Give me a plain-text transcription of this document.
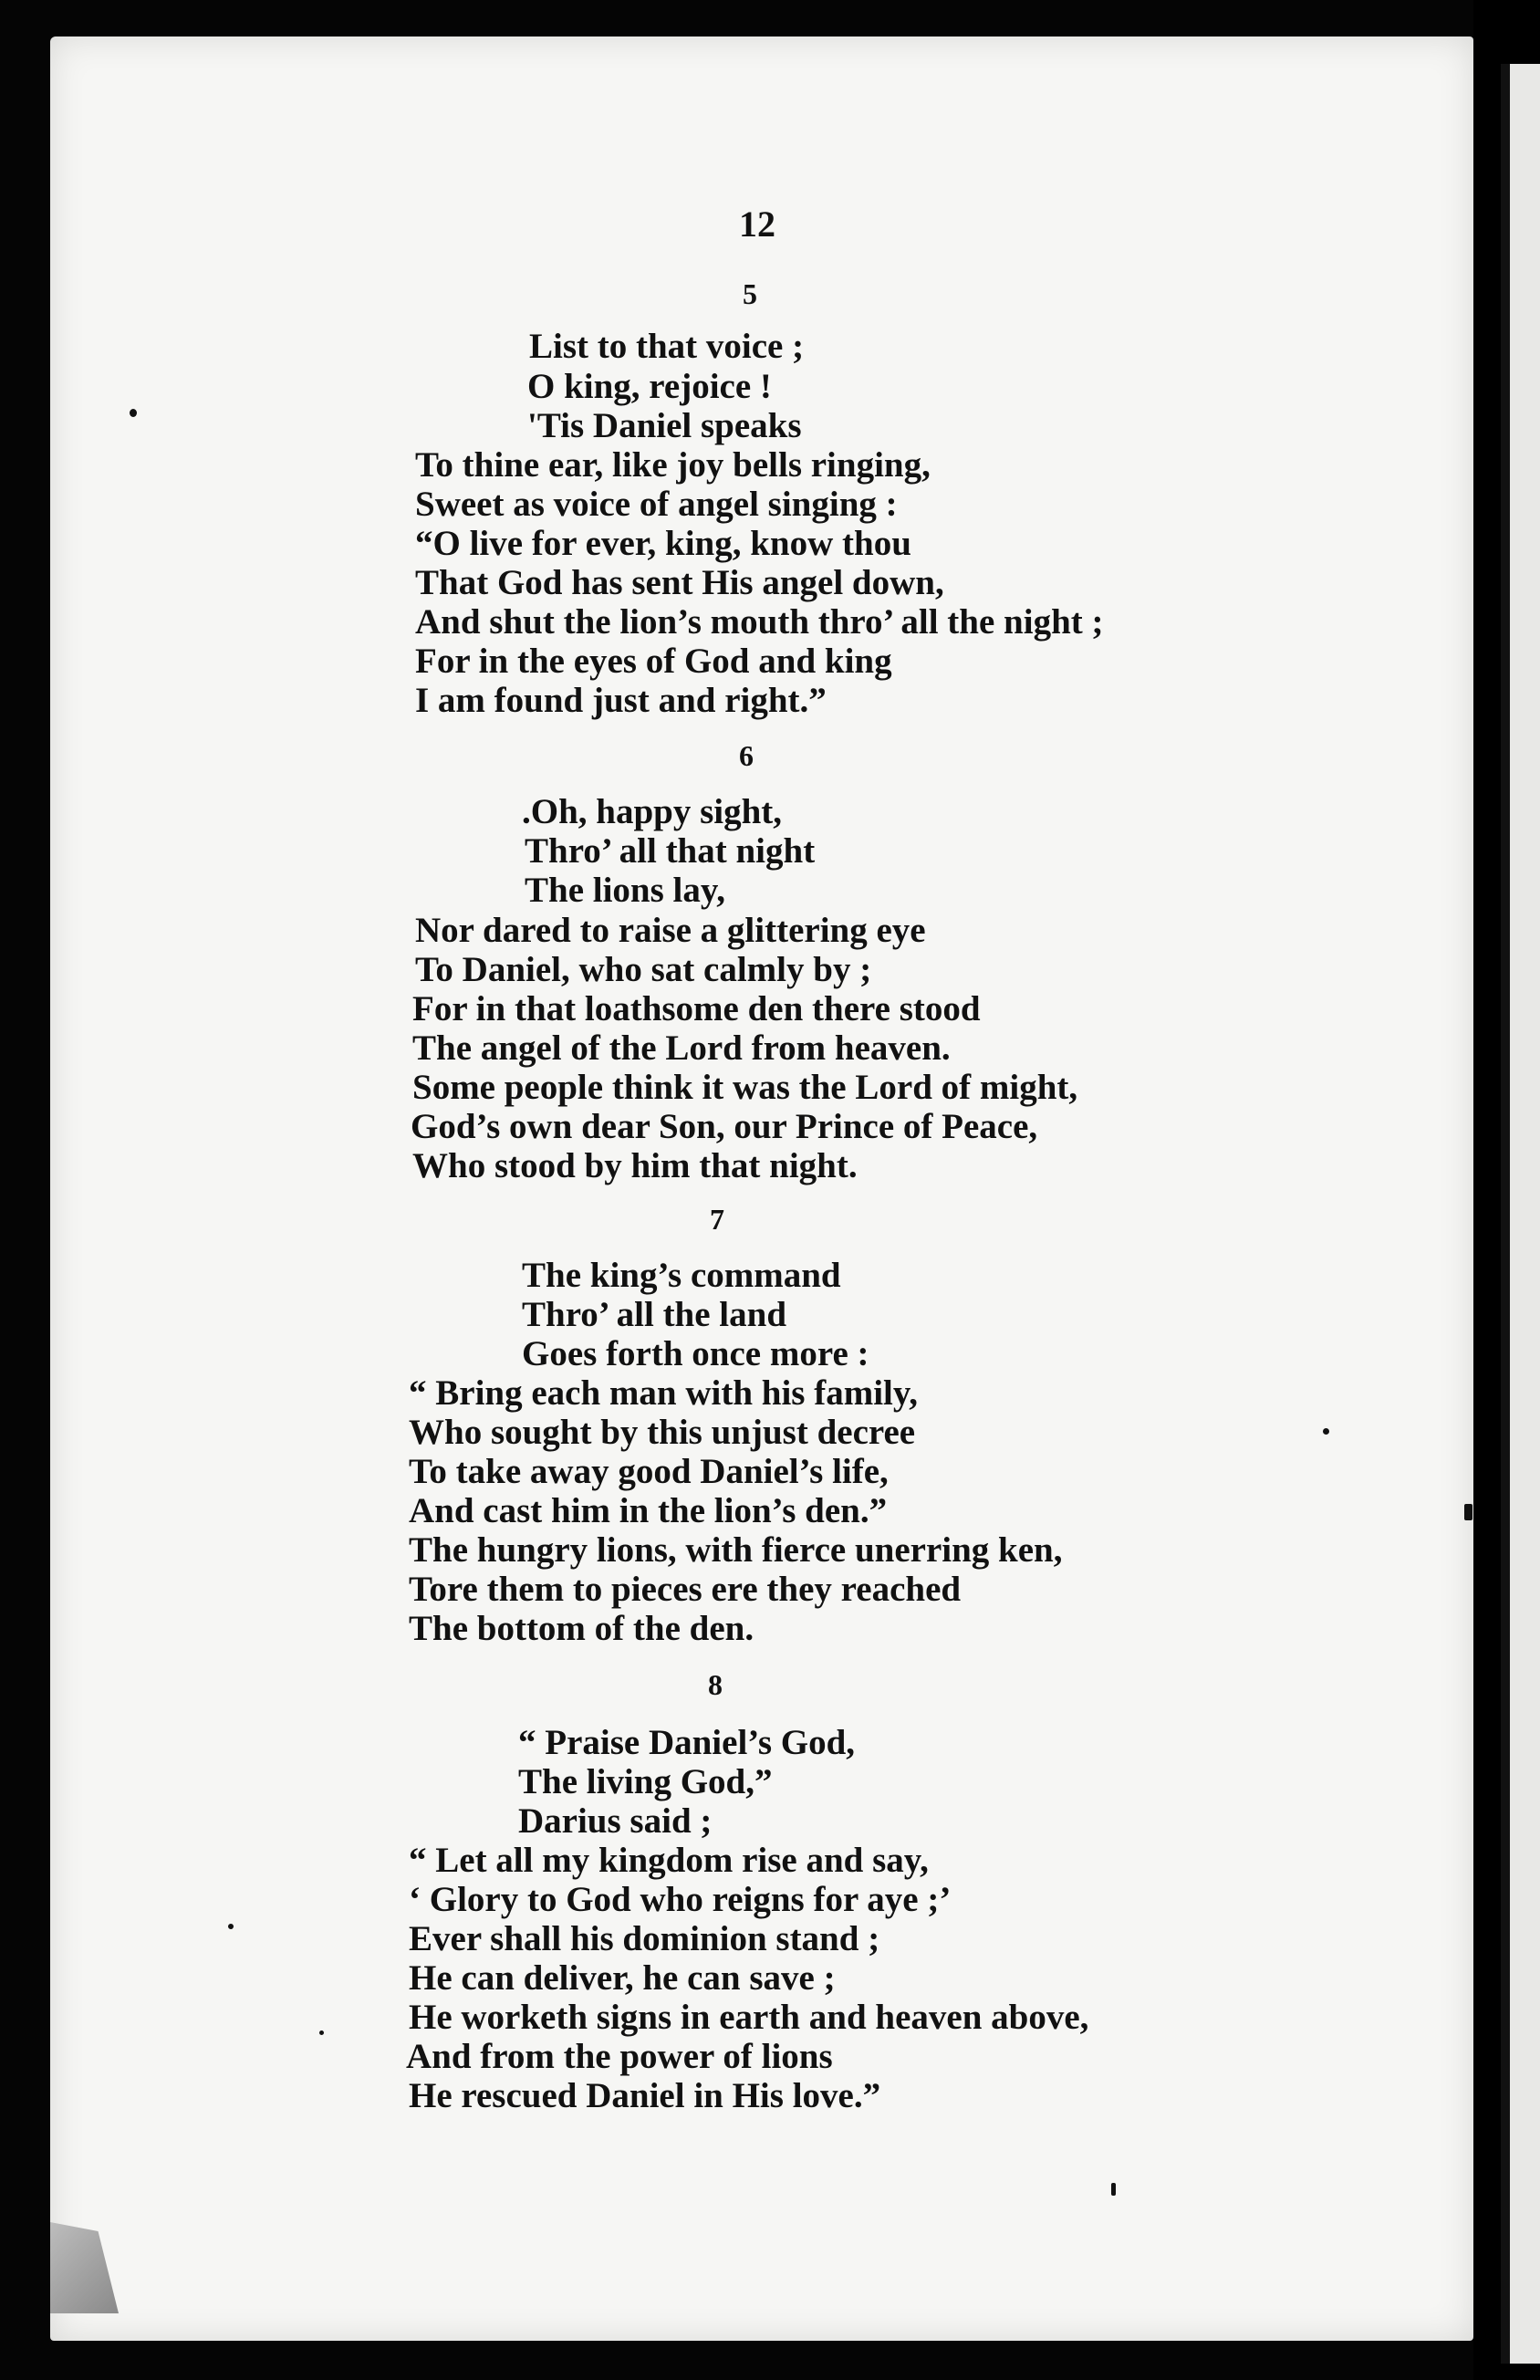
12
5
List to that voice ;
O king, rejoice !
'Tis Daniel speaks
To thine ear, like joy bells ringing,
Sweet as voice of angel singing :
“O live for ever, king, know thou
That God has sent His angel down,
And shut the lion’s mouth thro’ all the night ;
For in the eyes of God and king
I am found just and right.”
6
.Oh, happy sight,
Thro’ all that night
The lions lay,
Nor dared to raise a glittering eye
To Daniel, who sat calmly by ;
For in that loathsome den there stood
The angel of the Lord from heaven.
Some people think it was the Lord of might,
God’s own dear Son, our Prince of Peace,
Who stood by him that night.
7
The king’s command
Thro’ all the land
Goes forth once more :
“ Bring each man with his family,
Who sought by this unjust decree
To take away good Daniel’s life,
And cast him in the lion’s den.”
The hungry lions, with fierce unerring ken,
Tore them to pieces ere they reached
The bottom of the den.
8
“ Praise Daniel’s God,
The living God,”
Darius said ;
“ Let all my kingdom rise and say,
‘ Glory to God who reigns for aye ;’
Ever shall his dominion stand ;
He can deliver, he can save ;
He worketh signs in earth and heaven above,
And from the power of lions
He rescued Daniel in His love.”
